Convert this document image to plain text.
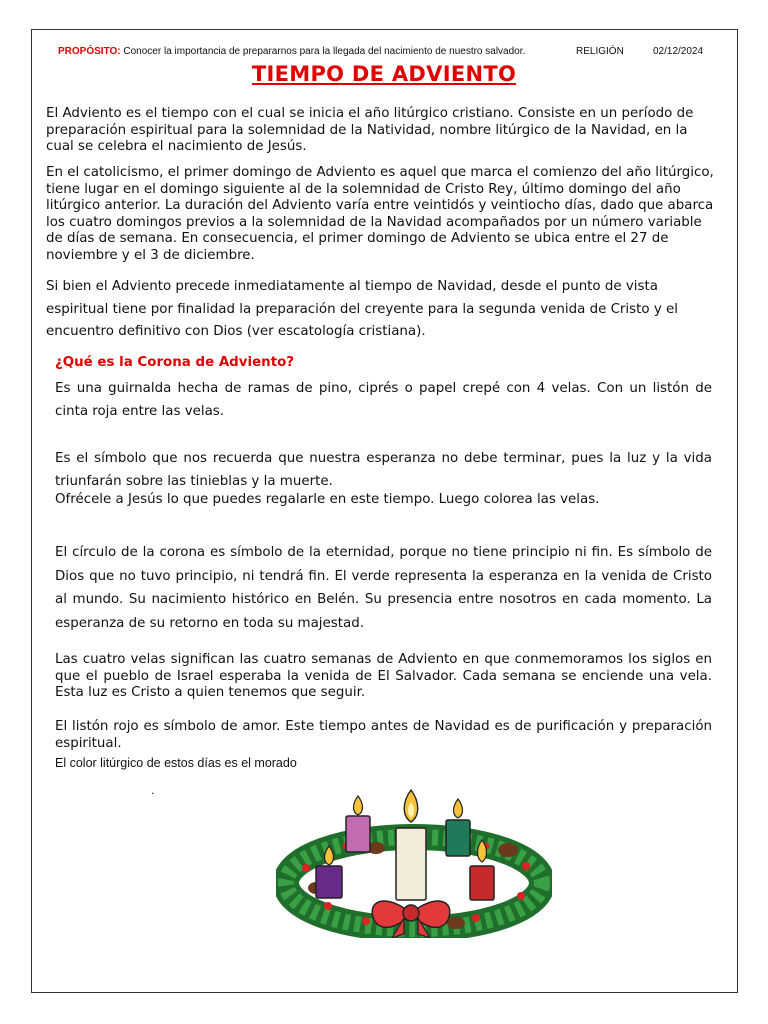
PROPÓSITO: Conocer la importancia de prepararnos para la llegada del nacimiento de nuestro salvador.	RELIGIÓN	02/12/2024
TIEMPO DE ADVIENTO

El Adviento es el tiempo con el cual se inicia el año litúrgico cristiano. Consiste en un período de preparación espiritual para la solemnidad de la Natividad, nombre litúrgico de la Navidad, en la cual se celebra el nacimiento de Jesús.

En el catolicismo, el primer domingo de Adviento es aquel que marca el comienzo del año litúrgico, tiene lugar en el domingo siguiente al de la solemnidad de Cristo Rey, último domingo del año litúrgico anterior. La duración del Adviento varía entre veintidós y veintiocho días, dado que abarca los cuatro domingos previos a la solemnidad de la Navidad acompañados por un número variable de días de semana. En consecuencia, el primer domingo de Adviento se ubica entre el 27 de noviembre y el 3 de diciembre.

Si bien el Adviento precede inmediatamente al tiempo de Navidad, desde el punto de vista espiritual tiene por finalidad la preparación del creyente para la segunda venida de Cristo y el encuentro definitivo con Dios (ver escatología cristiana).

¿Qué es la Corona de Adviento?

Es una guirnalda hecha de ramas de pino, ciprés o papel crepé con 4 velas. Con un listón de cinta roja entre las velas.

Es el símbolo que nos recuerda que nuestra esperanza no debe terminar, pues la luz y la vida triunfarán sobre las tinieblas y la muerte.

Ofrécele a Jesús lo que puedes regalarle en este tiempo. Luego colorea las velas.

El círculo de la corona es símbolo de la eternidad, porque no tiene principio ni fin. Es símbolo de Dios que no tuvo principio, ni tendrá fin. El verde representa la esperanza en la venida de Cristo al mundo. Su nacimiento histórico en Belén. Su presencia entre nosotros en cada momento. La esperanza de su retorno en toda su majestad.

Las cuatro velas significan las cuatro semanas de Adviento en que conmemoramos los siglos en que el pueblo de Israel esperaba la venida de El Salvador. Cada semana se enciende una vela. Esta luz es Cristo a quien tenemos que seguir.

El listón rojo es símbolo de amor. Este tiempo antes de Navidad es de purificación y preparación espiritual.

El color litúrgico de estos días es el morado

.
